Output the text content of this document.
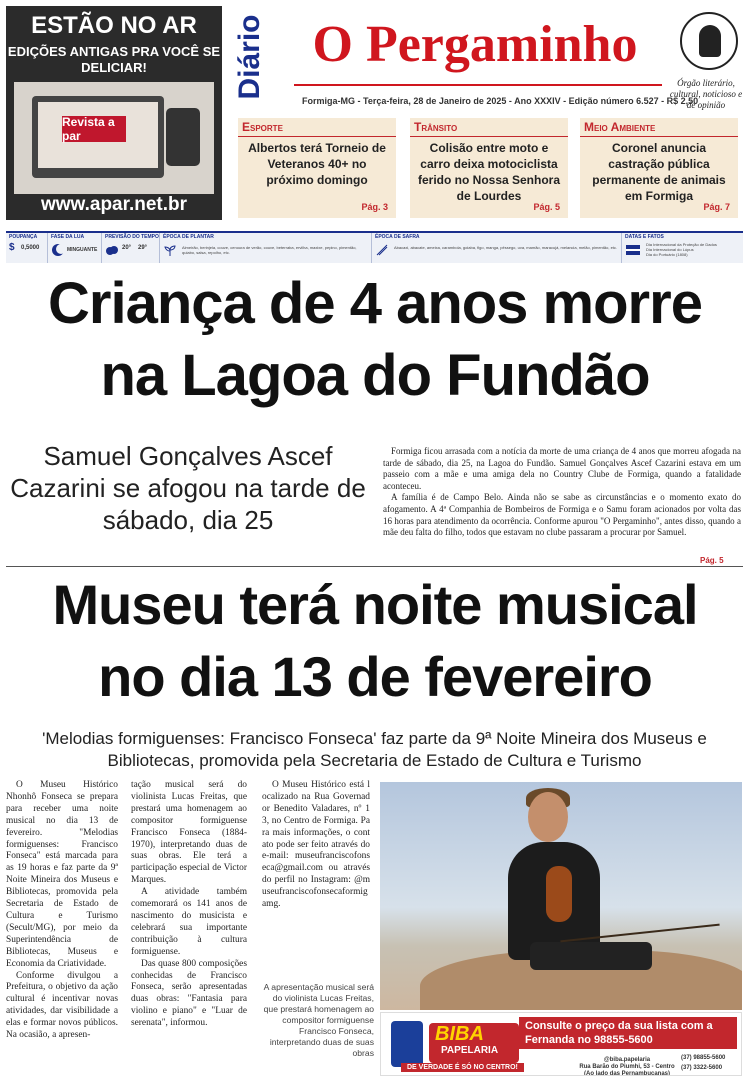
ESTÃO NO AR
EDIÇÕES ANTIGAS PRA VOCÊ SE DELICIAR!
Revista a par
www.apar.net.br
Diário O Pergaminho
Formiga-MG - Terça-feira, 28 de Janeiro de 2025 - Ano XXXIV - Edição número 6.527 - R$ 2,50
Órgão literário, cultural, noticioso e de opinião
Esporte
Albertos terá Torneio de Veteranos 40+ no próximo domingo
Pág. 3
Trânsito
Colisão entre moto e carro deixa motociclista ferido no Nossa Senhora de Lourdes
Pág. 5
Meio Ambiente
Coronel anuncia castração pública permanente de animais em Formiga
Pág. 7
POUPANÇA
$ 0,5000
FASE DA LUA
MINGUANTE
PREVISÃO DO TEMPO
20° 29°
ÉPOCA DE PLANTAR
Almeirão, berinjela, couve, cenoura de verão, couve, beterraba, ervilha, maxixe, pepino, pimentão, quiabo, salsa, repolho, etc.
ÉPOCA DE SAFRA
Abacaxi, abacate, ameixa, carambola, goiaba, figo, manga, pêssego, uva, mamão, maracujá, melancia, melão, pimentão, etc.
DATAS E FATOS
Dia Internacional da Proteção de Dados
Dia Internacional do Lúpus
Dia do Portuário (1808)
Criança de 4 anos morre
na Lagoa do Fundão
Samuel Gonçalves Ascef Cazarini se afogou na tarde de sábado, dia 25

Formiga ficou arrasada com a notícia da morte de uma criança de 4 anos que morreu afogada na tarde de sábado, dia 25, na Lagoa do Fundão. Samuel Gonçalves Ascef Cazarini estava em um passeio com a mãe e uma amiga dela no Country Clube de Formiga, quando a fatalidade aconteceu.

A família é de Campo Belo. Ainda não se sabe as circunstâncias e o momento exato do afogamento. A 4ª Companhia de Bombeiros de Formiga e o Samu foram acionados por volta das 16 horas para atendimento da ocorrência. Conforme apurou "O Pergaminho", antes disso, quando a mãe deu falta do filho, todos que estavam no clube passaram a procurar por Samuel.

Pág. 5
Museu terá noite musical
no dia 13 de fevereiro
'Melodias formiguenses: Francisco Fonseca' faz parte da 9ª Noite Mineira dos Museus e Bibliotecas, promovida pela Secretaria de Estado de Cultura e Turismo

O Museu Histórico Nhonhô Fonseca se prepara para receber uma noite musical no dia 13 de fevereiro. "Melodias formiguenses: Francisco Fonseca" está marcada para as 19 horas e faz parte da 9ª Noite Mineira dos Museus e Bibliotecas, promovida pela Secretaria de Estado de Cultura e Turismo (Secult/MG), por meio da Superintendência de Bibliotecas, Museus e Economia da Criatividade.

Conforme divulgou a Prefeitura, o objetivo da ação cultural é incentivar novas atividades, dar visibilidade a elas e formar novos públicos. Na ocasião, a apresen-

tação musical será do violinista Lucas Freitas, que prestará uma homenagem ao compositor formiguense Francisco Fonseca (1884-1970), interpretando duas de suas obras. Ele terá a participação especial de Victor Marques.

A atividade também comemorará os 141 anos de nascimento do musicista e celebrará sua importante contribuição à cultura formiguense.

Das quase 800 composições conhecidas de Francisco Fonseca, serão apresentadas duas obras: "Fantasia para violino e piano" e "Luar de serenata", informou.

O Museu Histórico está localizado na Rua Governador Benedito Valadares, nº 13, no Centro de Formiga. Para mais informações, o contato pode ser feito através do e-mail: museufranciscofonseca@gmail.com ou através do perfil no Instagram: @museufranciscofonsecaformigamg.

A apresentação musical será do violinista Lucas Freitas, que prestará homenagem ao compositor formiguense Francisco Fonseca, interpretando duas de suas obras
BIBA
PAPELARIA
DE VERDADE É SÓ NO CENTRO!
Consulte o preço da sua lista com a Fernanda no 98855-5600
@biba.papelaria
Rua Barão do Piumhi, 53 - Centro (Ao lado das Pernambucanas)
(37) 98855-5600
(37) 3322-5600
